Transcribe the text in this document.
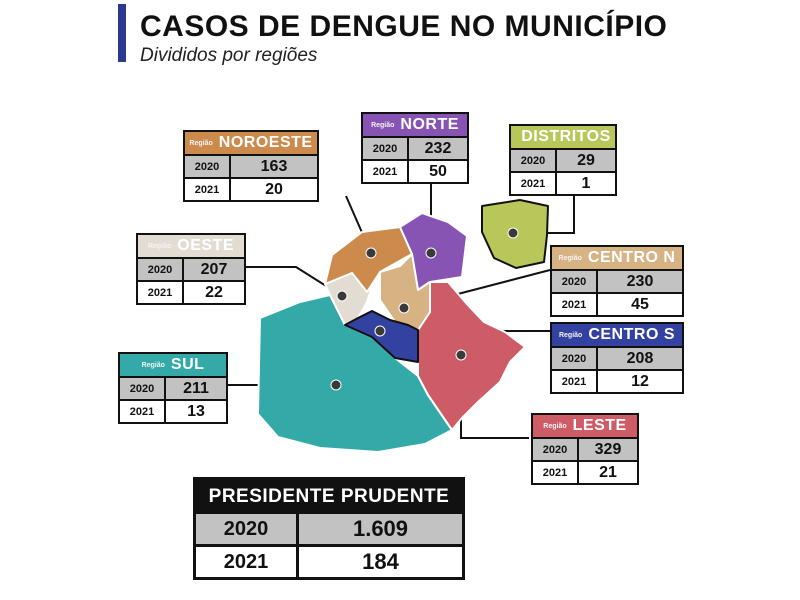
CASOS DE DENGUE NO MUNICÍPIO
Divididos por regiões
Região NOROESTE
2020	163
2021	20
Região NORTE
2020	232
2021	50
DISTRITOS
2020	29
2021	1
Região OESTE
2020	207
2021	22
Região CENTRO N
2020	230
2021	45
Região CENTRO S
2020	208
2021	12
Região SUL
2020	211
2021	13
Região LESTE
2020	329
2021	21
PRESIDENTE PRUDENTE
2020	1.609
2021	184
